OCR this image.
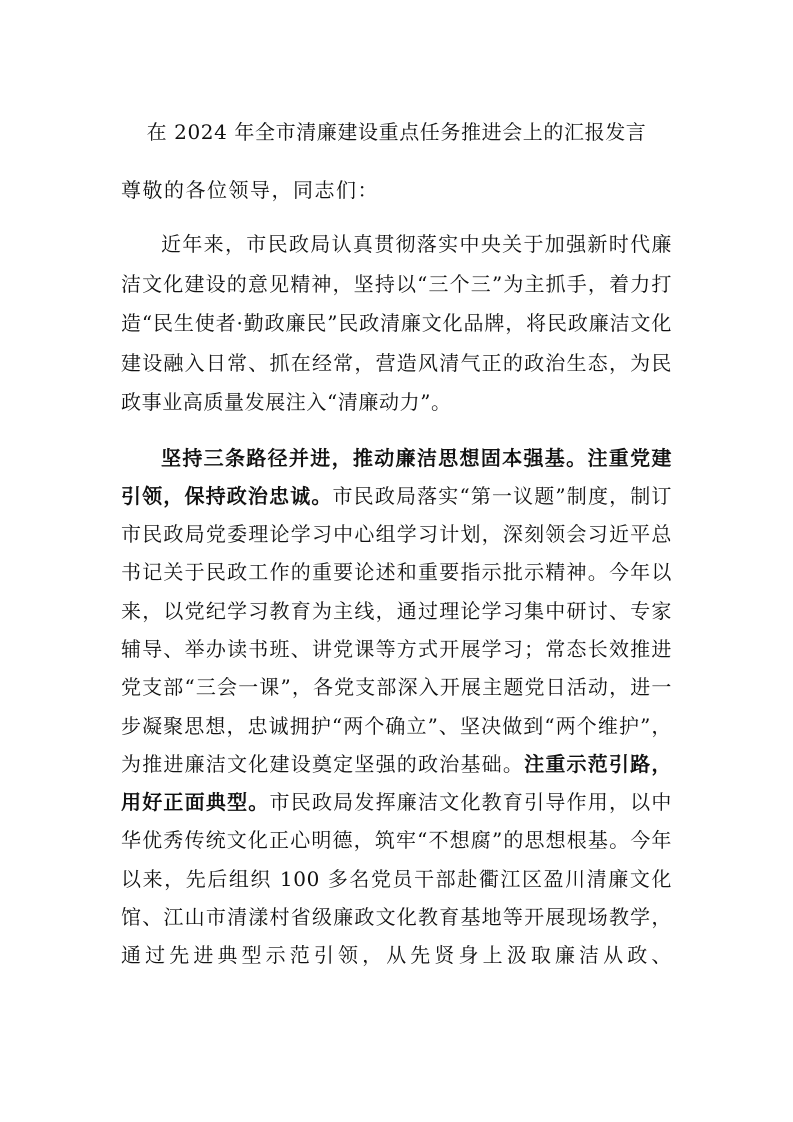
在 2024 年全市清廉建设重点任务推进会上的汇报发言

尊敬的各位领导，同志们：

近年来，市民政局认真贯彻落实中央关于加强新时代廉洁文化建设的意见精神，坚持以“三个三”为主抓手，着力打造“民生使者·勤政廉民”民政清廉文化品牌，将民政廉洁文化建设融入日常、抓在经常，营造风清气正的政治生态，为民政事业高质量发展注入“清廉动力”。

坚持三条路径并进，推动廉洁思想固本强基。注重党建引领，保持政治忠诚。市民政局落实“第一议题”制度，制订市民政局党委理论学习中心组学习计划，深刻领会习近平总书记关于民政工作的重要论述和重要指示批示精神。今年以来，以党纪学习教育为主线，通过理论学习集中研讨、专家辅导、举办读书班、讲党课等方式开展学习；常态长效推进党支部“三会一课”，各党支部深入开展主题党日活动，进一步凝聚思想，忠诚拥护“两个确立”、坚决做到“两个维护”，为推进廉洁文化建设奠定坚强的政治基础。注重示范引路，用好正面典型。市民政局发挥廉洁文化教育引导作用，以中华优秀传统文化正心明德，筑牢“不想腐”的思想根基。今年以来，先后组织 100 多名党员干部赴衢江区盈川清廉文化馆、江山市清漾村省级廉政文化教育基地等开展现场教学，通过先进典型示范引领，从先贤身上汲取廉洁从政、
